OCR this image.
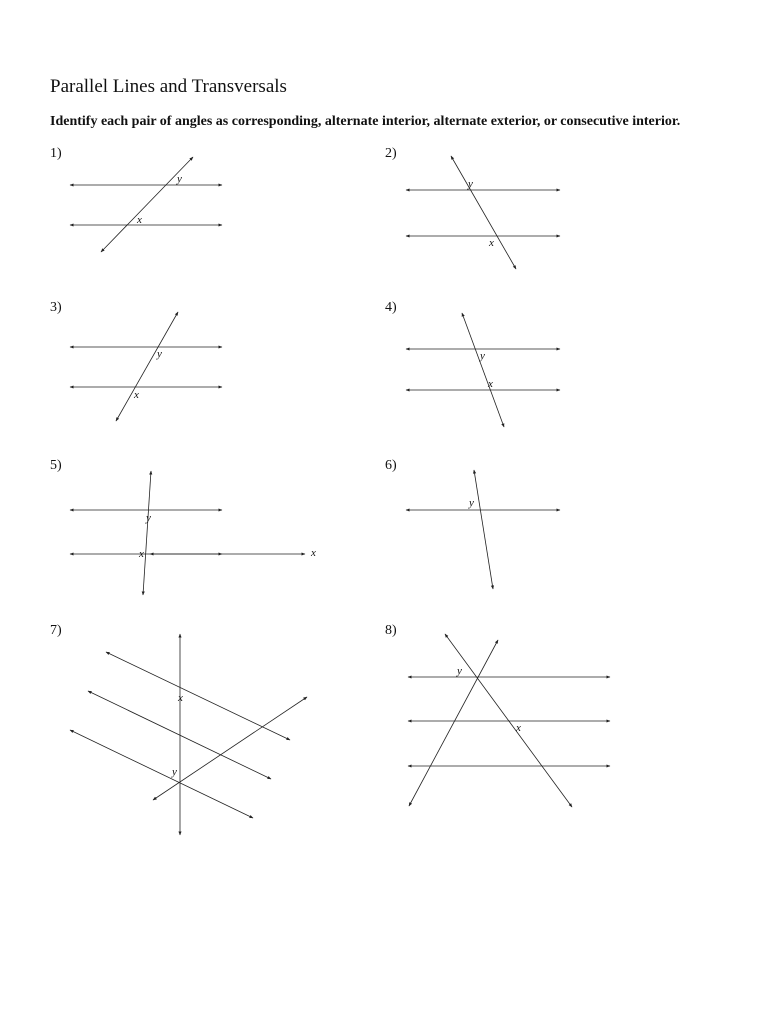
Parallel Lines and Transversals
Identify each pair of angles as corresponding, alternate interior, alternate exterior, or consecutive interior.
1)	2)
3)	4)
5)	6)
7)	8)
y
x
y
x
y
x
y
x
y
x	x
y
x
y
y
x
